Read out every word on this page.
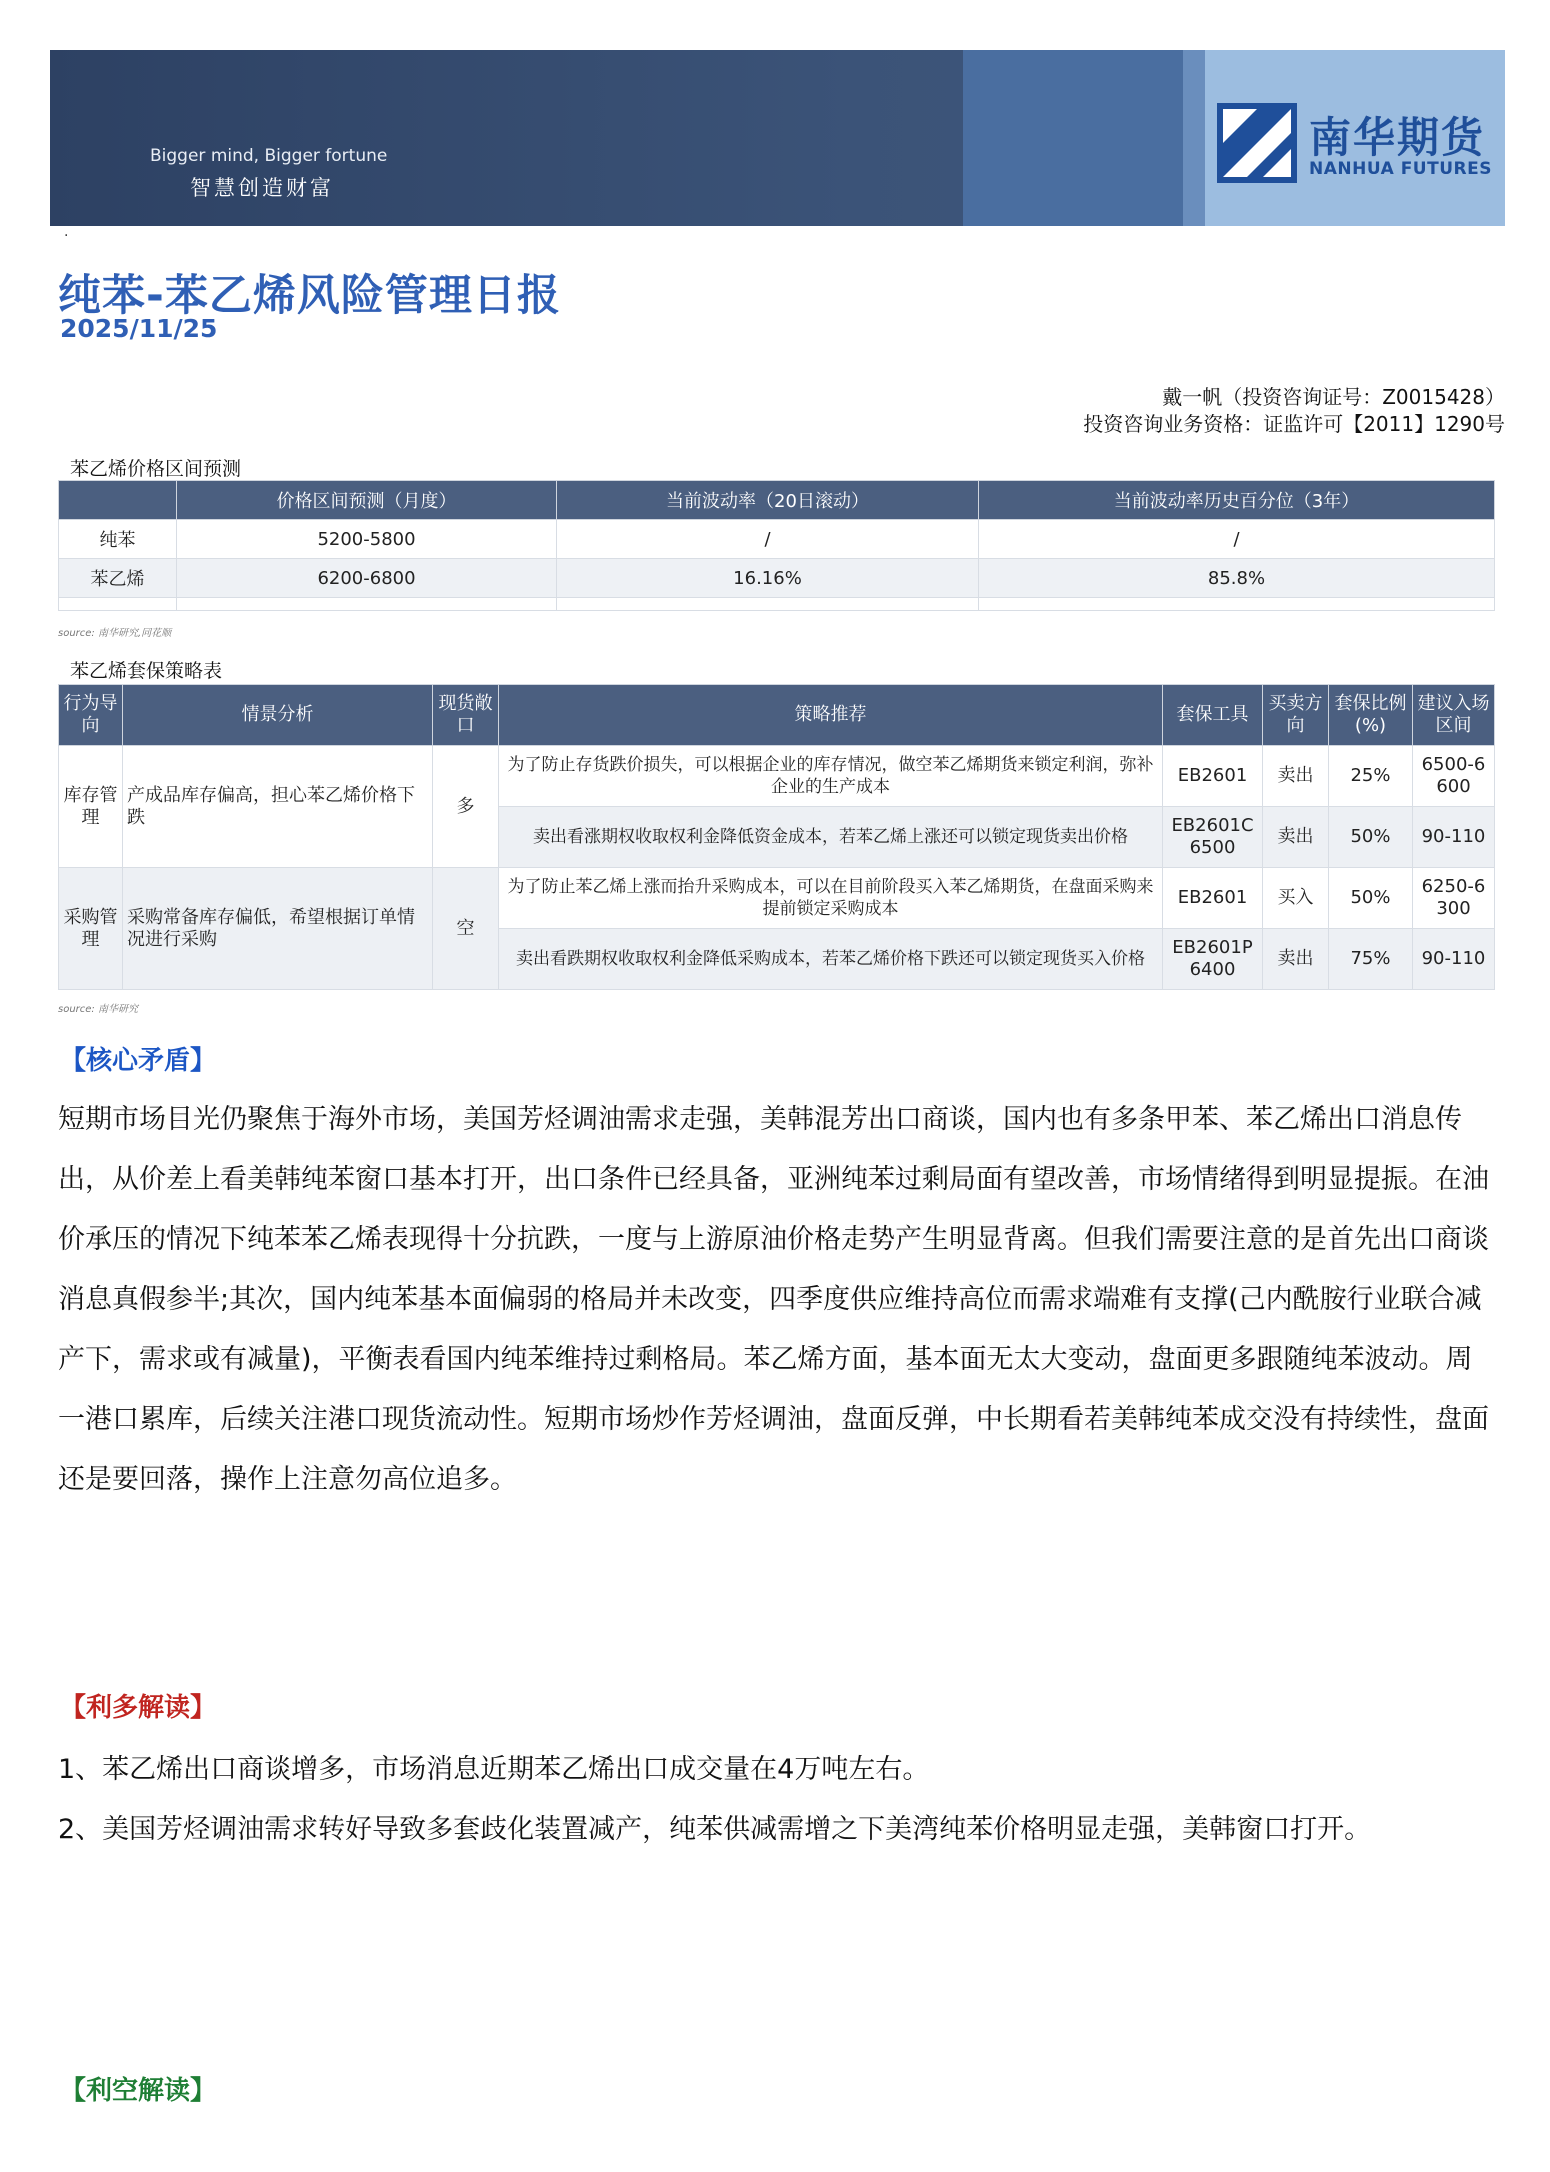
Bigger mind, Bigger fortune
智慧创造财富
南华期货
NANHUA FUTURES
·
纯苯-苯乙烯风险管理日报
2025/11/25
戴一帆（投资咨询证号：Z0015428）
投资咨询业务资格：证监许可【2011】1290号
苯乙烯价格区间预测
	价格区间预测（月度）	当前波动率（20日滚动）	当前波动率历史百分位（3年）
纯苯	5200-5800	/	/
苯乙烯	6200-6800	16.16%	85.8%

source: 南华研究,同花顺
苯乙烯套保策略表
行为导向	情景分析	现货敞口	策略推荐	套保工具	买卖方向	套保比例(%)	建议入场区间
库存管理	产成品库存偏高，担心苯乙烯价格下跌	多	为了防止存货跌价损失，可以根据企业的库存情况，做空苯乙烯期货来锁定利润，弥补企业的生产成本	EB2601	卖出	25%	6500-6600
			卖出看涨期权收取权利金降低资金成本，若苯乙烯上涨还可以锁定现货卖出价格	EB2601C6500	卖出	50%	90-110
采购管理	采购常备库存偏低，希望根据订单情况进行采购	空	为了防止苯乙烯上涨而抬升采购成本，可以在目前阶段买入苯乙烯期货，在盘面采购来提前锁定采购成本	EB2601	买入	50%	6250-6300
			卖出看跌期权收取权利金降低采购成本，若苯乙烯价格下跌还可以锁定现货买入价格	EB2601P6400	卖出	75%	90-110
source: 南华研究
【核心矛盾】

短期市场目光仍聚焦于海外市场，美国芳烃调油需求走强，美韩混芳出口商谈，国内也有多条甲苯、苯乙烯出口消息传出，从价差上看美韩纯苯窗口基本打开，出口条件已经具备，亚洲纯苯过剩局面有望改善，市场情绪得到明显提振。在油价承压的情况下纯苯苯乙烯表现得十分抗跌，一度与上游原油价格走势产生明显背离。但我们需要注意的是首先出口商谈消息真假参半;其次，国内纯苯基本面偏弱的格局并未改变，四季度供应维持高位而需求端难有支撑(己内酰胺行业联合减产下，需求或有减量)，平衡表看国内纯苯维持过剩格局。苯乙烯方面，基本面无太大变动，盘面更多跟随纯苯波动。周一港口累库，后续关注港口现货流动性。短期市场炒作芳烃调油，盘面反弹，中长期看若美韩纯苯成交没有持续性，盘面还是要回落，操作上注意勿高位追多。

【利多解读】

1、苯乙烯出口商谈增多，市场消息近期苯乙烯出口成交量在4万吨左右。

2、美国芳烃调油需求转好导致多套歧化装置减产，纯苯供减需增之下美湾纯苯价格明显走强，美韩窗口打开。

【利空解读】
